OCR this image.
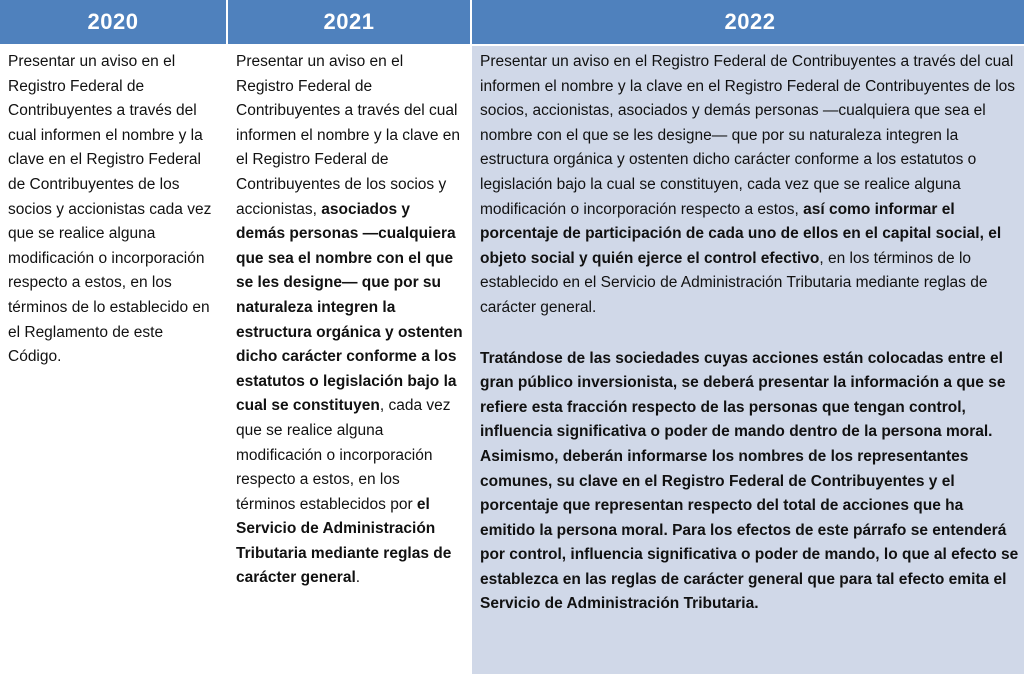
2020	2021	2022

Presentar un aviso en el Registro Federal de Contribuyentes a través del cual informen el nombre y la clave en el Registro Federal de Contribuyentes de los socios y accionistas cada vez que se realice alguna modificación o incorporación respecto a estos, en los términos de lo establecido en el Reglamento de este Código.

Presentar un aviso en el Registro Federal de Contribuyentes a través del cual informen el nombre y la clave en el Registro Federal de Contribuyentes de los socios y accionistas, asociados y demás personas —cualquiera que sea el nombre con el que se les designe— que por su naturaleza integren la estructura orgánica y ostenten dicho carácter conforme a los estatutos o legislación bajo la cual se constituyen, cada vez que se realice alguna modificación o incorporación respecto a estos, en los términos establecidos por el Servicio de Administración Tributaria mediante reglas de carácter general.

Presentar un aviso en el Registro Federal de Contribuyentes a través del cual informen el nombre y la clave en el Registro Federal de Contribuyentes de los socios, accionistas, asociados y demás personas —cualquiera que sea el nombre con el que se les designe— que por su naturaleza integren la estructura orgánica y ostenten dicho carácter conforme a los estatutos o legislación bajo la cual se constituyen, cada vez que se realice alguna modificación o incorporación respecto a estos, así como informar el porcentaje de participación de cada uno de ellos en el capital social, el objeto social y quién ejerce el control efectivo, en los términos de lo establecido en el Servicio de Administración Tributaria mediante reglas de carácter general.

Tratándose de las sociedades cuyas acciones están colocadas entre el gran público inversionista, se deberá presentar la información a que se refiere esta fracción respecto de las personas que tengan control, influencia significativa o poder de mando dentro de la persona moral. Asimismo, deberán informarse los nombres de los representantes comunes, su clave en el Registro Federal de Contribuyentes y el porcentaje que representan respecto del total de acciones que ha emitido la persona moral. Para los efectos de este párrafo se entenderá por control, influencia significativa o poder de mando, lo que al efecto se establezca en las reglas de carácter general que para tal efecto emita el Servicio de Administración Tributaria.
